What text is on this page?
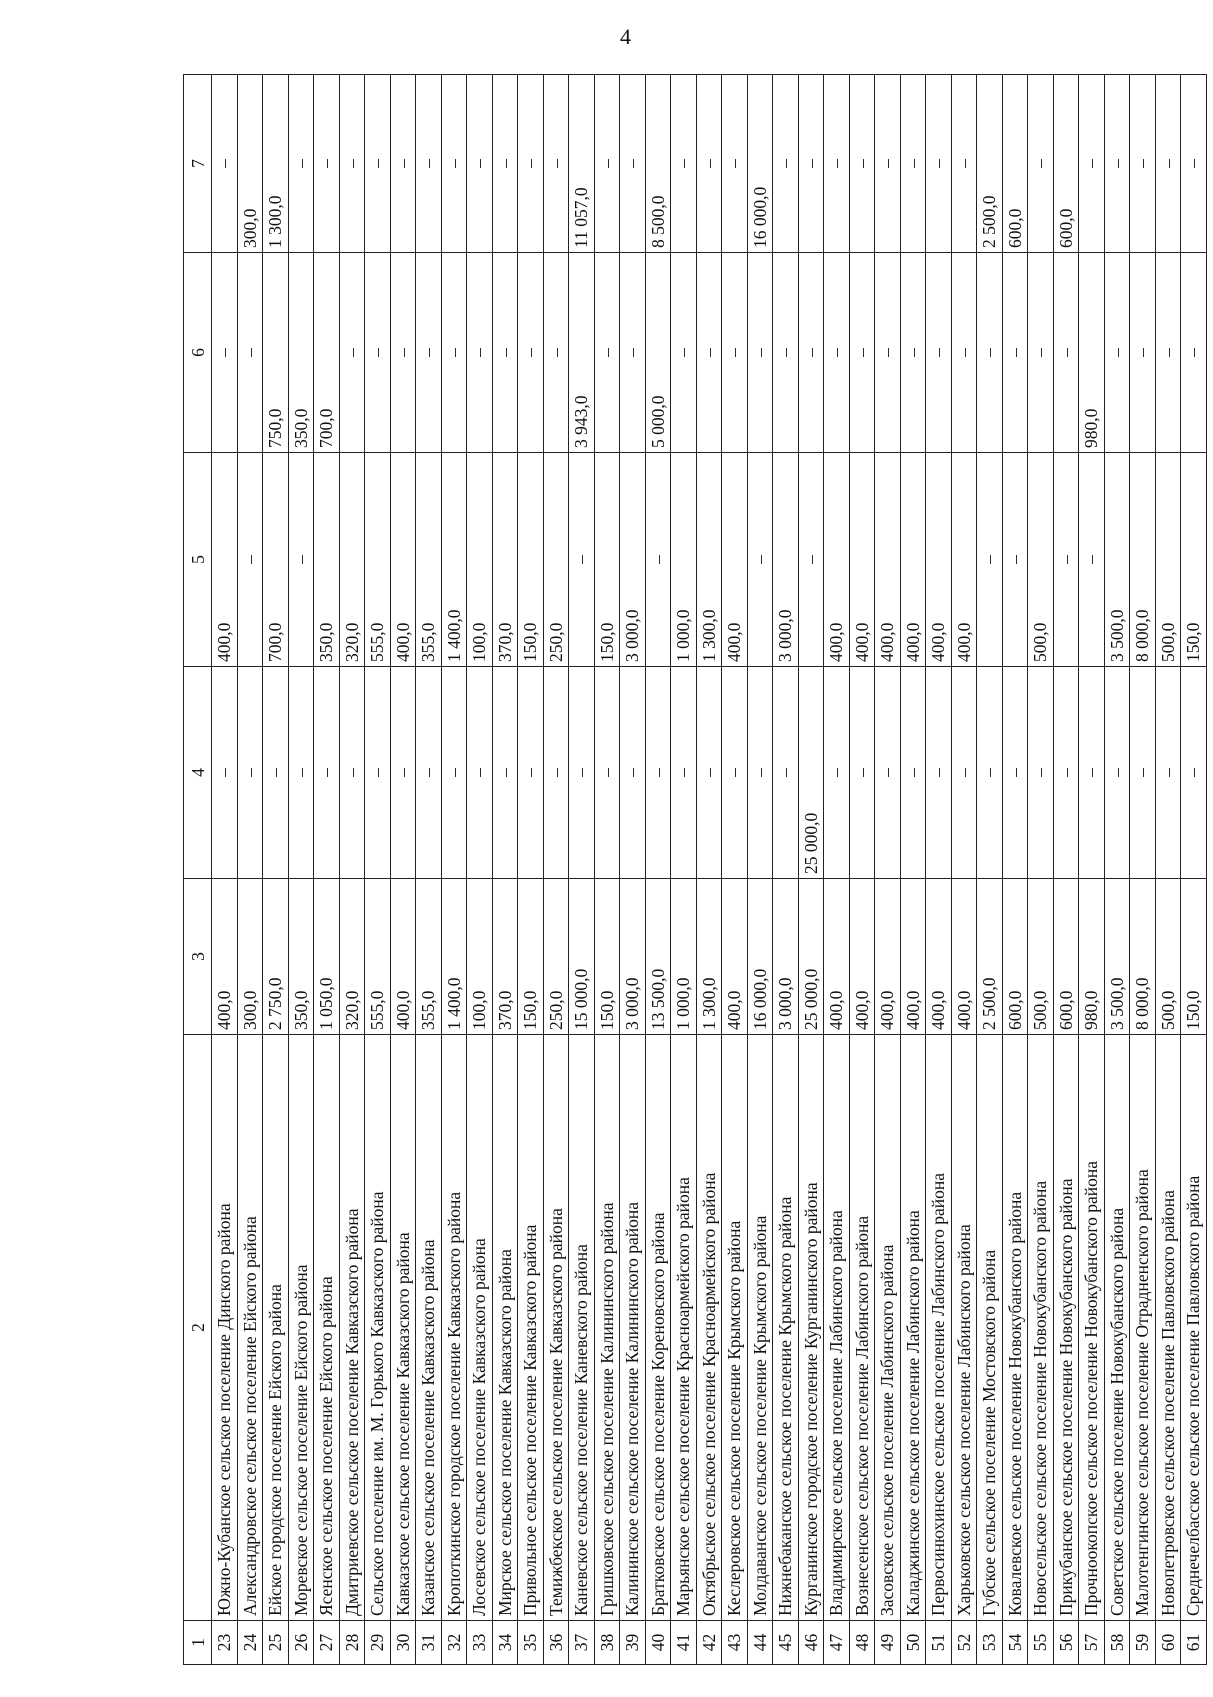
4
1	2	3	4	5	6	7
23	Южно-Кубанское сельское поселение Динского района	400,0	–	400,0	–	–
24	Александровское сельское поселение Ейского района	300,0	–	–	–	300,0
25	Ейское городское поселение Ейского района	2 750,0	–	700,0	750,0	1 300,0
26	Моревское сельское поселение Ейского района	350,0	–	–	350,0	–
27	Ясенское сельское поселение Ейского района	1 050,0	–	350,0	700,0	–
28	Дмитриевское сельское поселение Кавказского района	320,0	–	320,0	–	–
29	Сельское поселение им. М. Горького Кавказского района	555,0	–	555,0	–	–
30	Кавказское сельское поселение Кавказского района	400,0	–	400,0	–	–
31	Казанское сельское поселение Кавказского района	355,0	–	355,0	–	–
32	Кропоткинское городское поселение Кавказского района	1 400,0	–	1 400,0	–	–
33	Лосевское сельское поселение Кавказского района	100,0	–	100,0	–	–
34	Мирское сельское поселение Кавказского района	370,0	–	370,0	–	–
35	Привольное сельское поселение Кавказского района	150,0	–	150,0	–	–
36	Темижбекское сельское поселение Кавказского района	250,0	–	250,0	–	–
37	Каневское сельское поселение Каневского района	15 000,0	–	–	3 943,0	11 057,0
38	Гришковское сельское поселение Калининского района	150,0	–	150,0	–	–
39	Калининское сельское поселение Калининского района	3 000,0	–	3 000,0	–	–
40	Братковское сельское поселение Кореновского района	13 500,0	–	–	5 000,0	8 500,0
41	Марьянское сельское поселение Красноармейского района	1 000,0	–	1 000,0	–	–
42	Октябрьское сельское поселение Красноармейского района	1 300,0	–	1 300,0	–	–
43	Кеслеровское сельское поселение Крымского района	400,0	–	400,0	–	–
44	Молдаванское сельское поселение Крымского района	16 000,0	–	–	–	16 000,0
45	Нижнебаканское сельское поселение Крымского района	3 000,0	–	3 000,0	–	–
46	Курганинское городское поселение Курганинского района	25 000,0	25 000,0	–	–	–
47	Владимирское сельское поселение Лабинского района	400,0	–	400,0	–	–
48	Вознесенское сельское поселение Лабинского района	400,0	–	400,0	–	–
49	Засовское сельское поселение Лабинского района	400,0	–	400,0	–	–
50	Каладжинское сельское поселение Лабинского района	400,0	–	400,0	–	–
51	Первосинюхинское сельское поселение Лабинского района	400,0	–	400,0	–	–
52	Харьковское сельское поселение Лабинского района	400,0	–	400,0	–	–
53	Губское сельское поселение Мостовского района	2 500,0	–	–	–	2 500,0
54	Ковалевское сельское поселение Новокубанского района	600,0	–	–	–	600,0
55	Новосельское сельское поселение Новокубанского района	500,0	–	500,0	–	–
56	Прикубанское сельское поселение Новокубанского района	600,0	–	–	–	600,0
57	Прочноокопское сельское поселение Новокубанского района	980,0	–	–	980,0	–
58	Советское сельское поселение Новокубанского района	3 500,0	–	3 500,0	–	–
59	Малотенгинское сельское поселение Отрадненского района	8 000,0	–	8 000,0	–	–
60	Новопетровское сельское поселение Павловского района	500,0	–	500,0	–	–
61	Среднечелбасское сельское поселение Павловского района	150,0	–	150,0	–	–
